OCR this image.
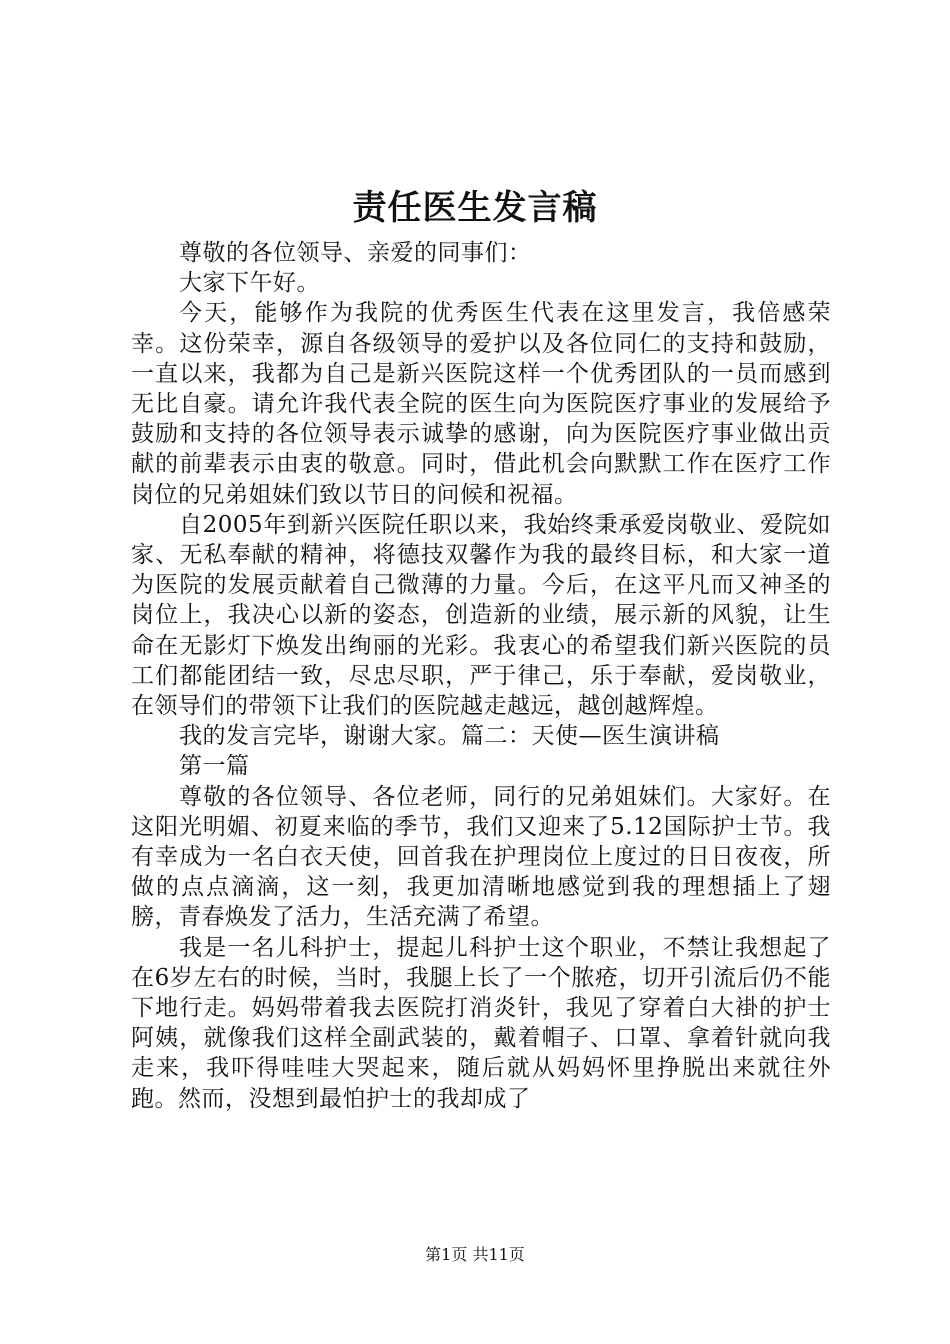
责任医生发言稿

尊敬的各位领导、亲爱的同事们：

大家下午好。

今天，能够作为我院的优秀医生代表在这里发言，我倍感荣幸。这份荣幸，源自各级领导的爱护以及各位同仁的支持和鼓励，一直以来，我都为自己是新兴医院这样一个优秀团队的一员而感到无比自豪。请允许我代表全院的医生向为医院医疗事业的发展给予鼓励和支持的各位领导表示诚挚的感谢，向为医院医疗事业做出贡献的前辈表示由衷的敬意。同时，借此机会向默默工作在医疗工作岗位的兄弟姐妹们致以节日的问候和祝福。

自2005年到新兴医院任职以来，我始终秉承爱岗敬业、爱院如家、无私奉献的精神，将德技双馨作为我的最终目标，和大家一道为医院的发展贡献着自己微薄的力量。今后，在这平凡而又神圣的岗位上，我决心以新的姿态，创造新的业绩，展示新的风貌，让生命在无影灯下焕发出绚丽的光彩。我衷心的希望我们新兴医院的员工们都能团结一致，尽忠尽职，严于律己，乐于奉献，爱岗敬业，在领导们的带领下让我们的医院越走越远，越创越辉煌。

我的发言完毕，谢谢大家。篇二：天使—医生演讲稿

第一篇

尊敬的各位领导、各位老师，同行的兄弟姐妹们。大家好。在这阳光明媚、初夏来临的季节，我们又迎来了5.12国际护士节。我有幸成为一名白衣天使，回首我在护理岗位上度过的日日夜夜，所做的点点滴滴，这一刻，我更加清晰地感觉到我的理想插上了翅膀，青春焕发了活力，生活充满了希望。

我是一名儿科护士，提起儿科护士这个职业，不禁让我想起了在6岁左右的时候，当时，我腿上长了一个脓疮，切开引流后仍不能下地行走。妈妈带着我去医院打消炎针，我见了穿着白大褂的护士阿姨，就像我们这样全副武装的，戴着帽子、口罩、拿着针就向我走来，我吓得哇哇大哭起来，随后就从妈妈怀里挣脱出来就往外跑。然而，没想到最怕护士的我却成了

第1页 共11页
